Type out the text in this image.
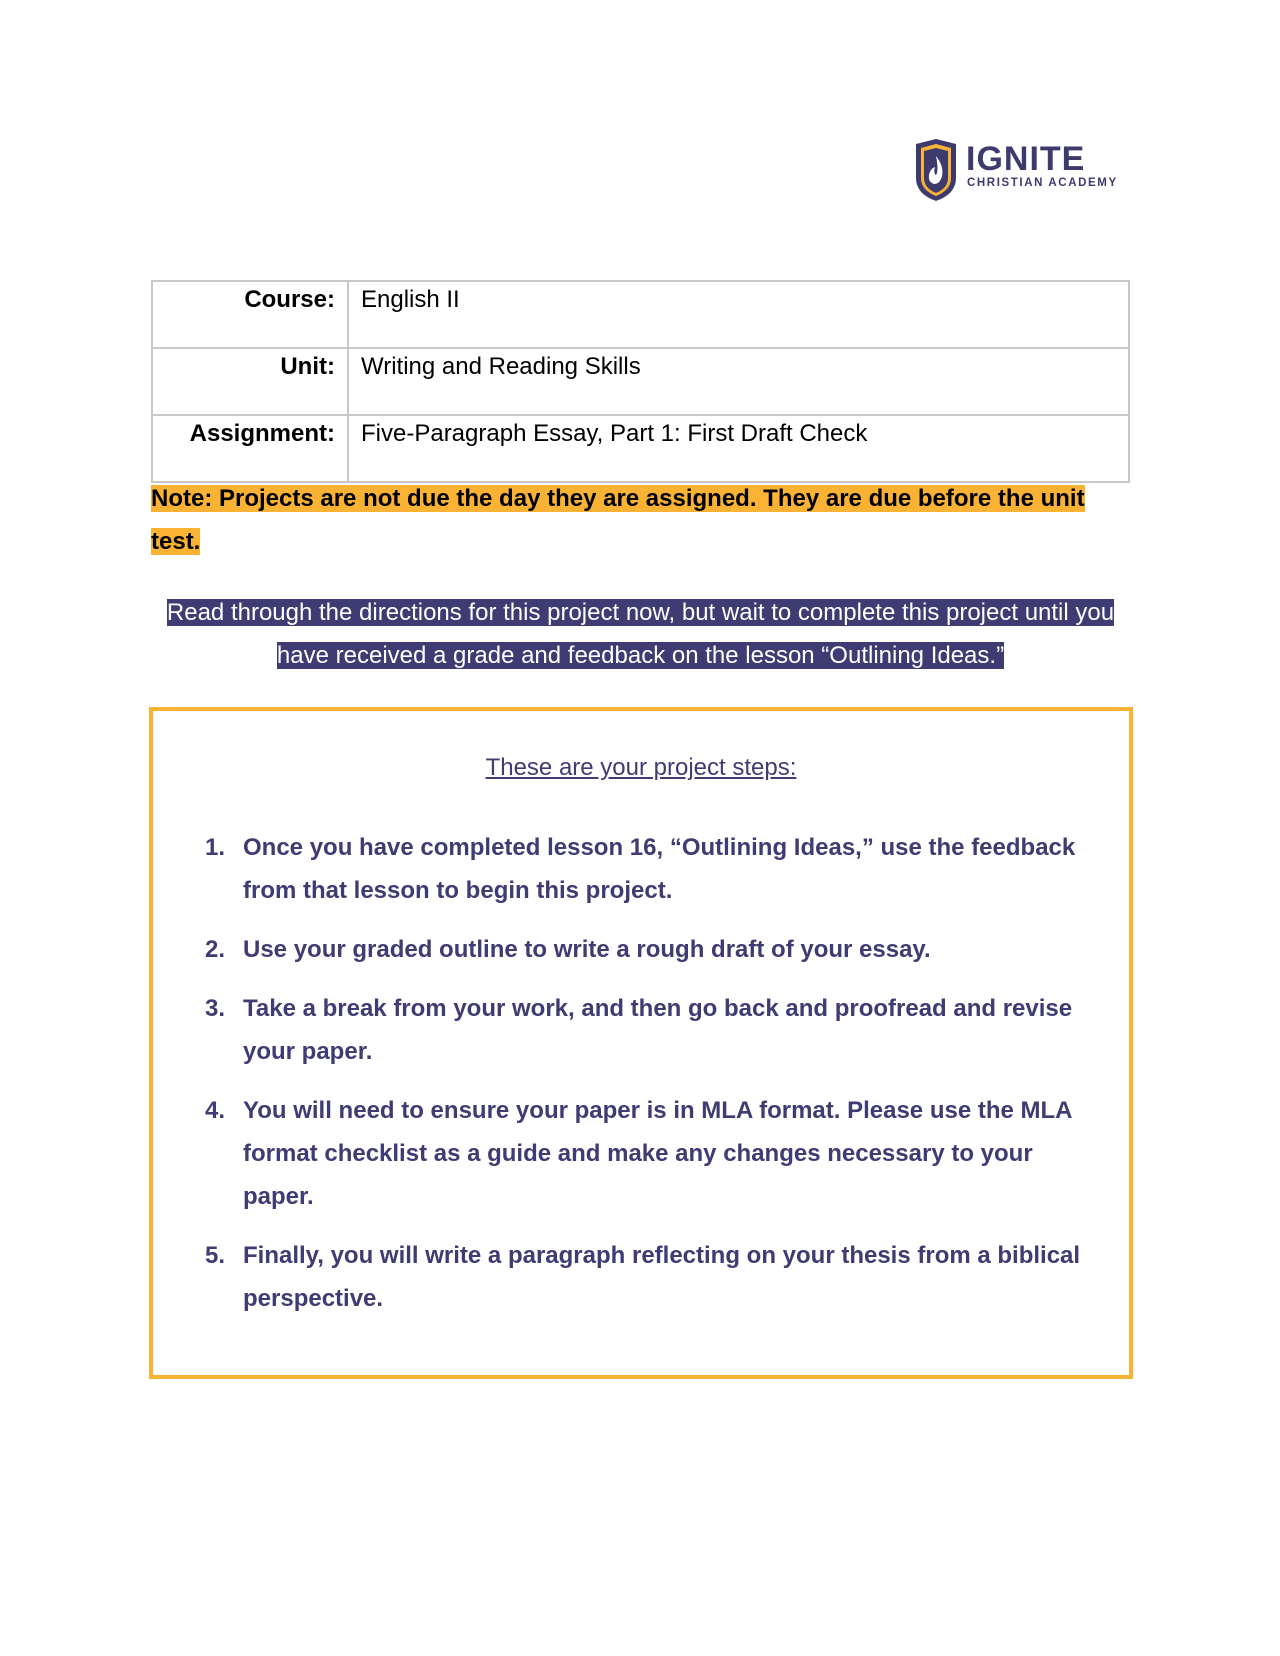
IGNITE
CHRISTIAN ACADEMY
Course:	English II
Unit:	Writing and Reading Skills
Assignment:	Five-Paragraph Essay, Part 1: First Draft Check
Note: Projects are not due the day they are assigned. They are due before the unit test.
Read through the directions for this project now, but wait to complete this project until you have received a grade and feedback on the lesson “Outlining Ideas.”
These are your project steps:
1. Once you have completed lesson 16, “Outlining Ideas,” use the feedback from that lesson to begin this project.
2. Use your graded outline to write a rough draft of your essay.
3. Take a break from your work, and then go back and proofread and revise your paper.
4. You will need to ensure your paper is in MLA format. Please use the MLA format checklist as a guide and make any changes necessary to your paper.
5. Finally, you will write a paragraph reflecting on your thesis from a biblical perspective.
